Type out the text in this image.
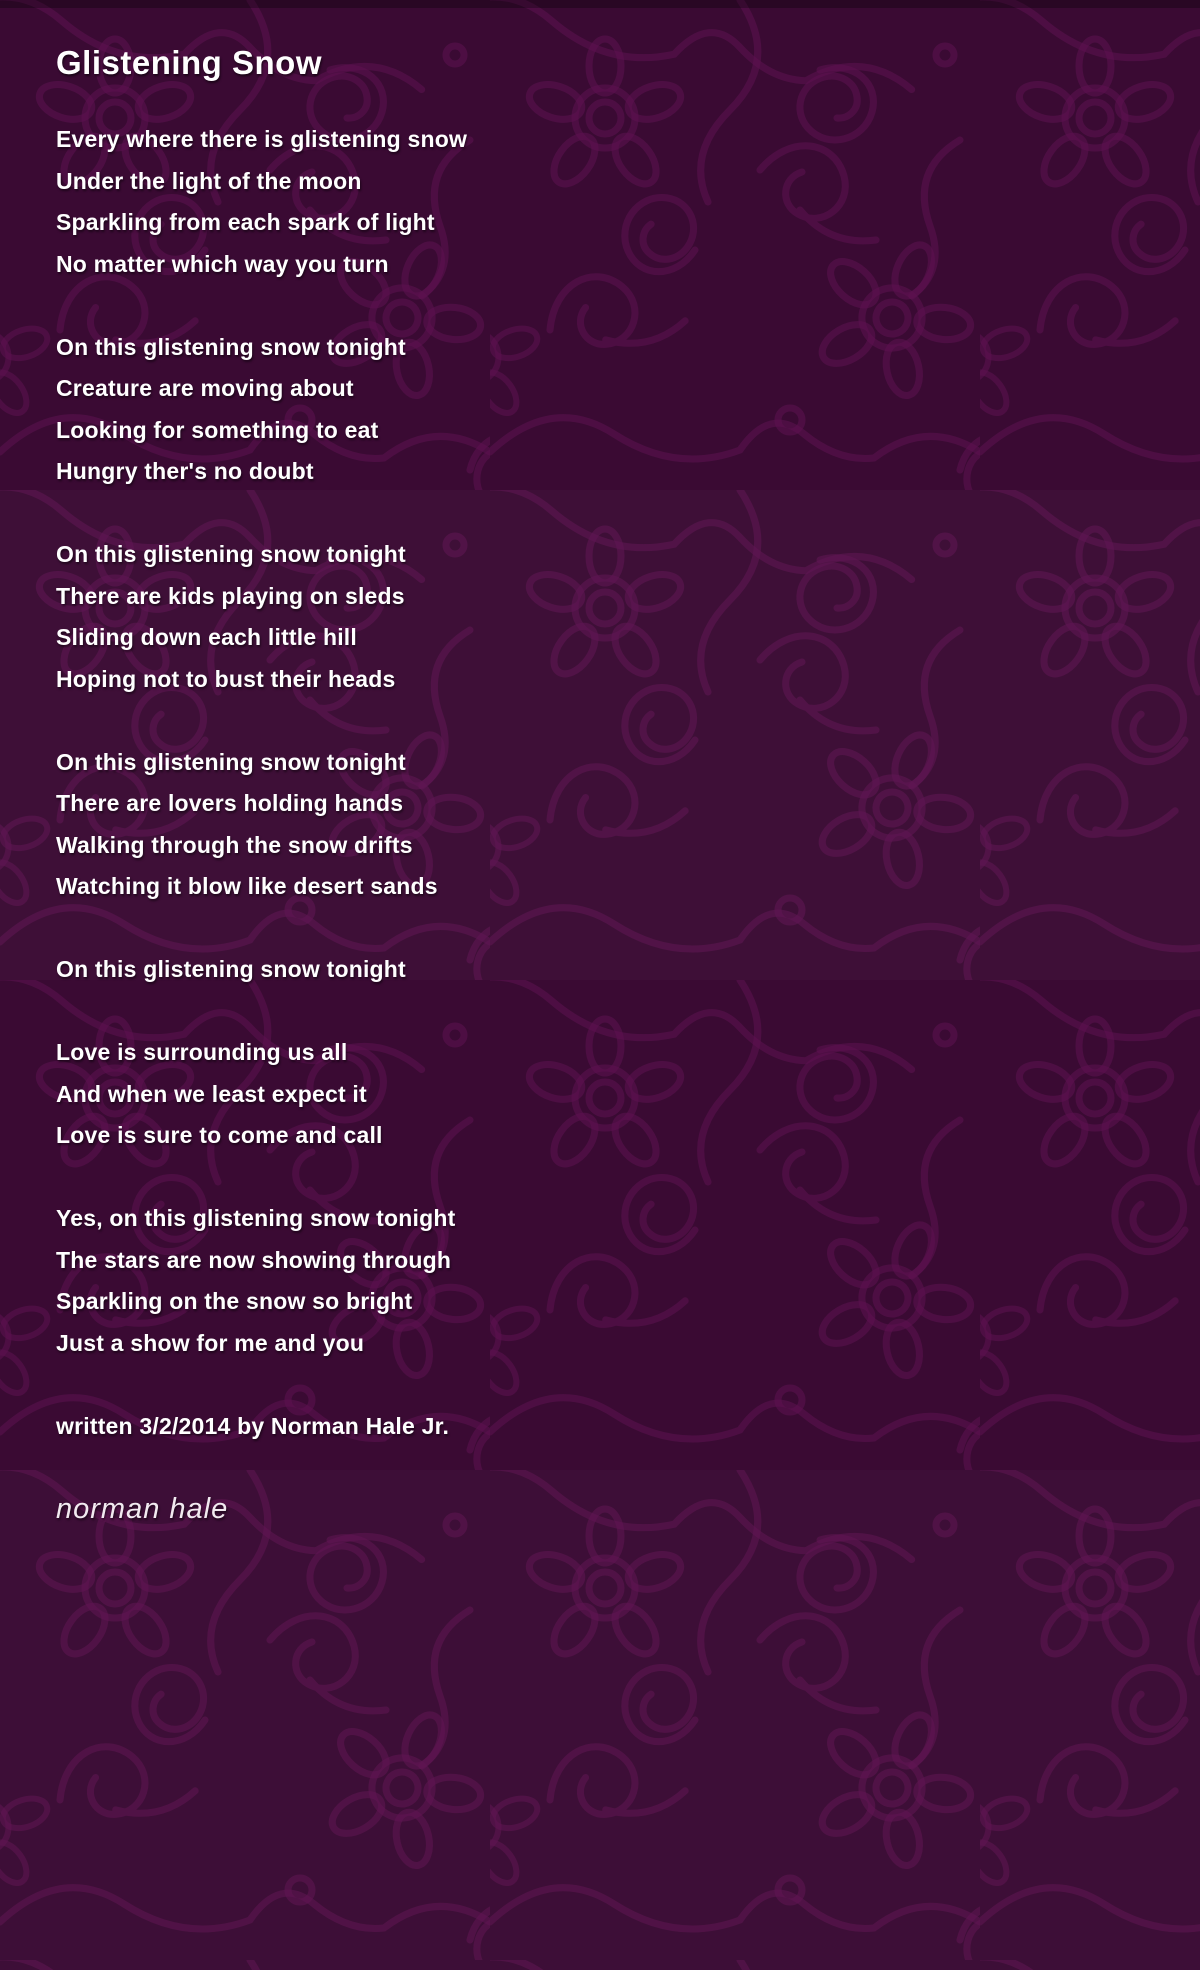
Glistening Snow
Every where there is glistening snow
Under the light of the moon
Sparkling from each spark of light
No matter which way you turn
On this glistening snow tonight
Creature are moving about
Looking for something to eat
Hungry ther's no doubt
On this glistening snow tonight
There are kids playing on sleds
Sliding down each little hill
Hoping not to bust their heads
On this glistening snow tonight
There are lovers holding hands
Walking through the snow drifts
Watching it blow like desert sands
On this glistening snow tonight
Love is surrounding us all
And when we least expect it
Love is sure to come and call
Yes, on this glistening snow tonight
The stars are now showing through
Sparkling on the snow so bright
Just a show for me and you
written 3/2/2014 by Norman Hale Jr.
norman hale
